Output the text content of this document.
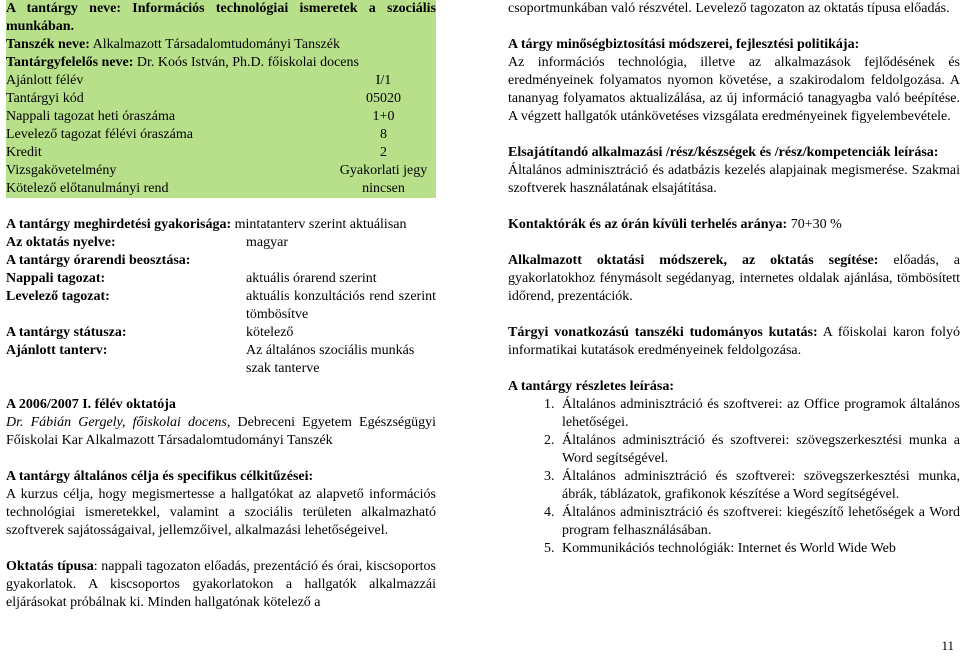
A tantárgy neve: Információs technológiai ismeretek a szociális munkában.

Tanszék neve: Alkalmazott Társadalomtudományi Tanszék

Tantárgyfelelős neve: Dr. Koós István, Ph.D. főiskolai docens

Ajánlott félév	I/1
Tantárgyi kód	05020
Nappali tagozat heti óraszáma	1+0
Levelező tagozat félévi óraszáma	8
Kredit	2
Vizsgakövetelmény	Gyakorlati jegy
Kötelező előtanulmányi rend	nincsen

A tantárgy meghirdetési gyakorisága: mintatanterv szerint aktuálisan

Az oktatás nyelve:	magyar

A tantárgy órarendi beosztása:

Nappali tagozat:	aktuális órarend szerint
Levelező tagozat:	aktuális konzultációs rend szerint tömbösítve
A tantárgy státusza:	kötelező
Ajánlott tanterv:	Az általános szociális munkás szak tanterve

A 2006/2007 I. félév oktatója

Dr. Fábián Gergely, főiskolai docens, Debreceni Egyetem Egészségügyi Főiskolai Kar Alkalmazott Társadalomtudományi Tanszék

A tantárgy általános célja és specifikus célkitűzései:

A kurzus célja, hogy megismertesse a hallgatókat az alapvető információs technológiai ismeretekkel, valamint a szociális területen alkalmazható szoftverek sajátosságaival, jellemzőivel, alkalmazási lehetőségeivel.

Oktatás típusa: nappali tagozaton előadás, prezentáció és órai, kiscsoportos gyakorlatok. A kiscsoportos gyakorlatokon a hallgatók alkalmazzái eljárásokat próbálnak ki. Minden hallgatónak kötelező a

csoportmunkában való részvétel. Levelező tagozaton az oktatás típusa előadás.

A tárgy minőségbiztosítási módszerei, fejlesztési politikája:

Az információs technológia, illetve az alkalmazások fejlődésének és eredményeinek folyamatos nyomon követése, a szakirodalom feldolgozása. A tananyag folyamatos aktualizálása, az új információ tanagyagba való beépítése. A végzett hallgatók utánkövetéses vizsgálata eredményeinek figyelembevétele.

Elsajátítandó alkalmazási /rész/készségek és /rész/kompetenciák leírása:

Általános adminisztráció és adatbázis kezelés alapjainak megismerése. Szakmai szoftverek használatának elsajátítása.

Kontaktórák és az órán kívüli terhelés aránya: 70+30 %

Alkalmazott oktatási módszerek, az oktatás segítése: előadás, a gyakorlatokhoz fénymásolt segédanyag, internetes oldalak ajánlása, tömbösített időrend, prezentációk.

Tárgyi vonatkozású tanszéki tudományos kutatás: A főiskolai karon folyó informatikai kutatások eredményeinek feldolgozása.

A tantárgy részletes leírása:

1. Általános adminisztráció és szoftverei: az Office programok általános lehetőségei.
2. Általános adminisztráció és szoftverei: szövegszerkesztési munka a Word segítségével.
3. Általános adminisztráció és szoftverei: szövegszerkesztési munka, ábrák, táblázatok, grafikonok készítése a Word segítségével.
4. Általános adminisztráció és szoftverei: kiegészítő lehetőségek a Word program felhasználásában.
5. Kommunikációs technológiák: Internet és World Wide Web
11
